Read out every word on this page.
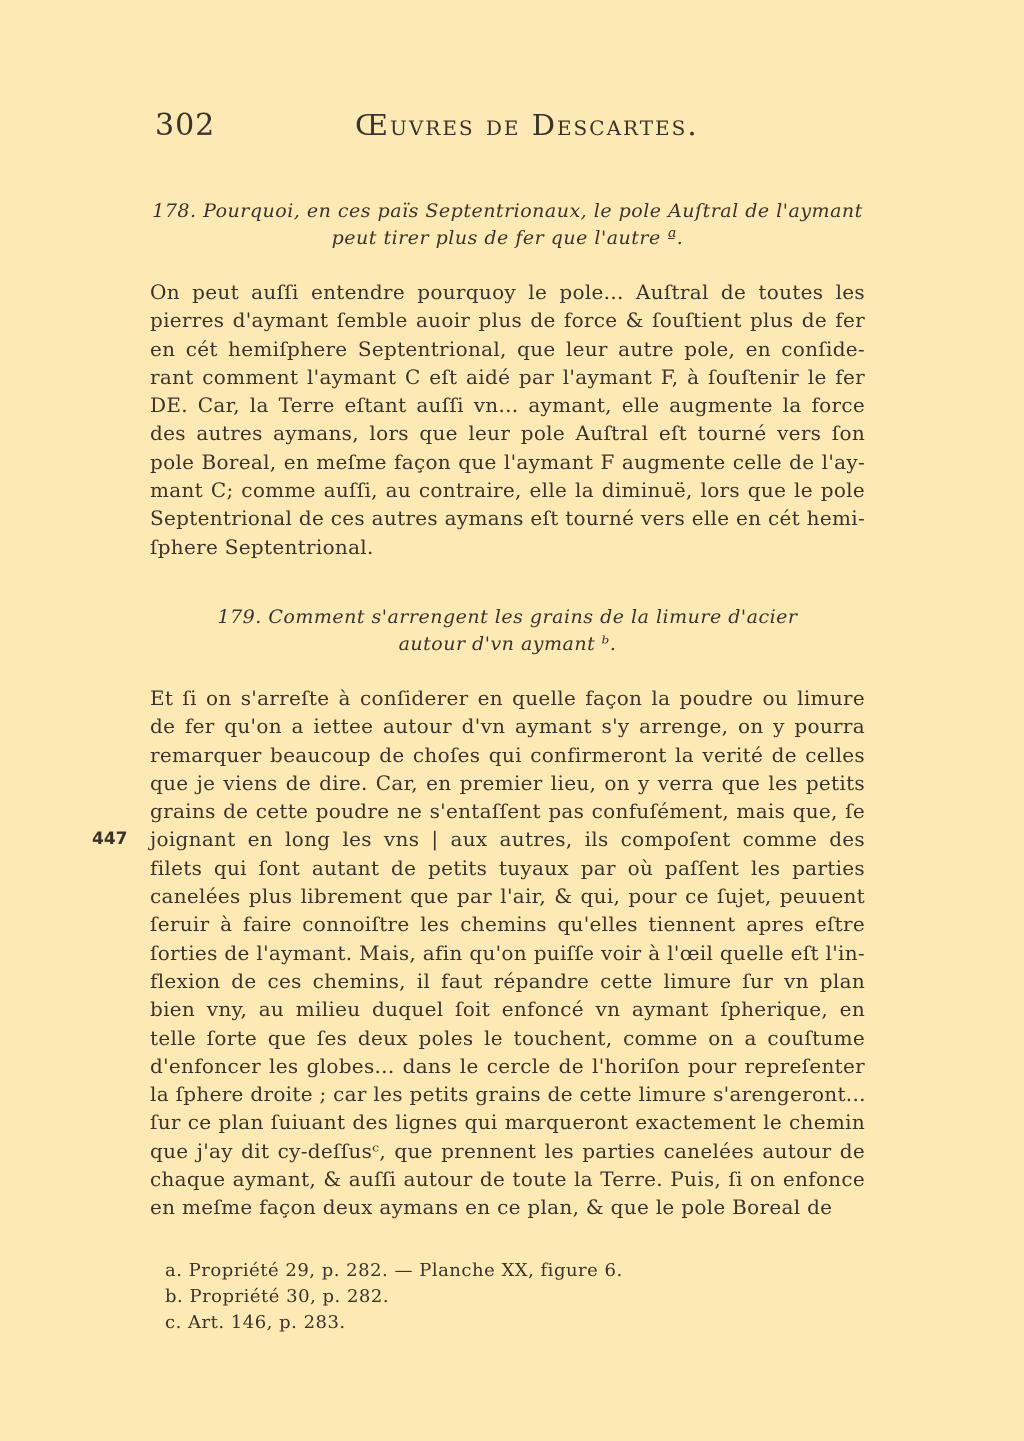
302	Œuvres de Descartes.
178. Pourquoi, en ces païs Septentrionaux, le pole Auſtral de l'aymant
peut tirer plus de fer que l'autre ª.
On peut auſſi entendre pourquoy le pole... Auſtral de toutes les
pierres d'aymant ſemble auoir plus de force & ſouſtient plus de fer
en cét hemiſphere Septentrional, que leur autre pole, en conſide-
rant comment l'aymant C eſt aidé par l'aymant F, à ſouſtenir le fer
DE. Car, la Terre eſtant auſſi vn... aymant, elle augmente la force
des autres aymans, lors que leur pole Auſtral eſt tourné vers ſon
pole Boreal, en meſme façon que l'aymant F augmente celle de l'ay-
mant C; comme auſſi, au contraire, elle la diminuë, lors que le pole
Septentrional de ces autres aymans eſt tourné vers elle en cét hemi-
ſphere Septentrional.
179. Comment s'arrengent les grains de la limure d'acier
autour d'vn aymant ᵇ.
Et ſi on s'arreſte à conſiderer en quelle façon la poudre ou limure
de fer qu'on a iettee autour d'vn aymant s'y arrenge, on y pourra
remarquer beaucoup de choſes qui confirmeront la verité de celles
que je viens de dire. Car, en premier lieu, on y verra que les petits
grains de cette poudre ne s'entaſſent pas confuſément, mais que, ſe
joignant en long les vns | aux autres, ils compoſent comme des
filets qui ſont autant de petits tuyaux par où paſſent les parties
canelées plus librement que par l'air, & qui, pour ce ſujet, peuuent
ſeruir à faire connoiſtre les chemins qu'elles tiennent apres eſtre
ſorties de l'aymant. Mais, afin qu'on puiſſe voir à l'œil quelle eſt l'in-
flexion de ces chemins, il faut répandre cette limure ſur vn plan
bien vny, au milieu duquel ſoit enfoncé vn aymant ſpherique, en
telle ſorte que ſes deux poles le touchent, comme on a couſtume
d'enfoncer les globes... dans le cercle de l'horiſon pour repreſenter
la ſphere droite ; car les petits grains de cette limure s'arengeront...
ſur ce plan ſuiuant des lignes qui marqueront exactement le chemin
que j'ay dit cy-deſſusᶜ, que prennent les parties canelées autour de
chaque aymant, & auſſi autour de toute la Terre. Puis, ſi on enfonce
en meſme façon deux aymans en ce plan, & que le pole Boreal de
447
a. Propriété 29, p. 282. — Planche XX, figure 6.
b. Propriété 30, p. 282.
c. Art. 146, p. 283.
